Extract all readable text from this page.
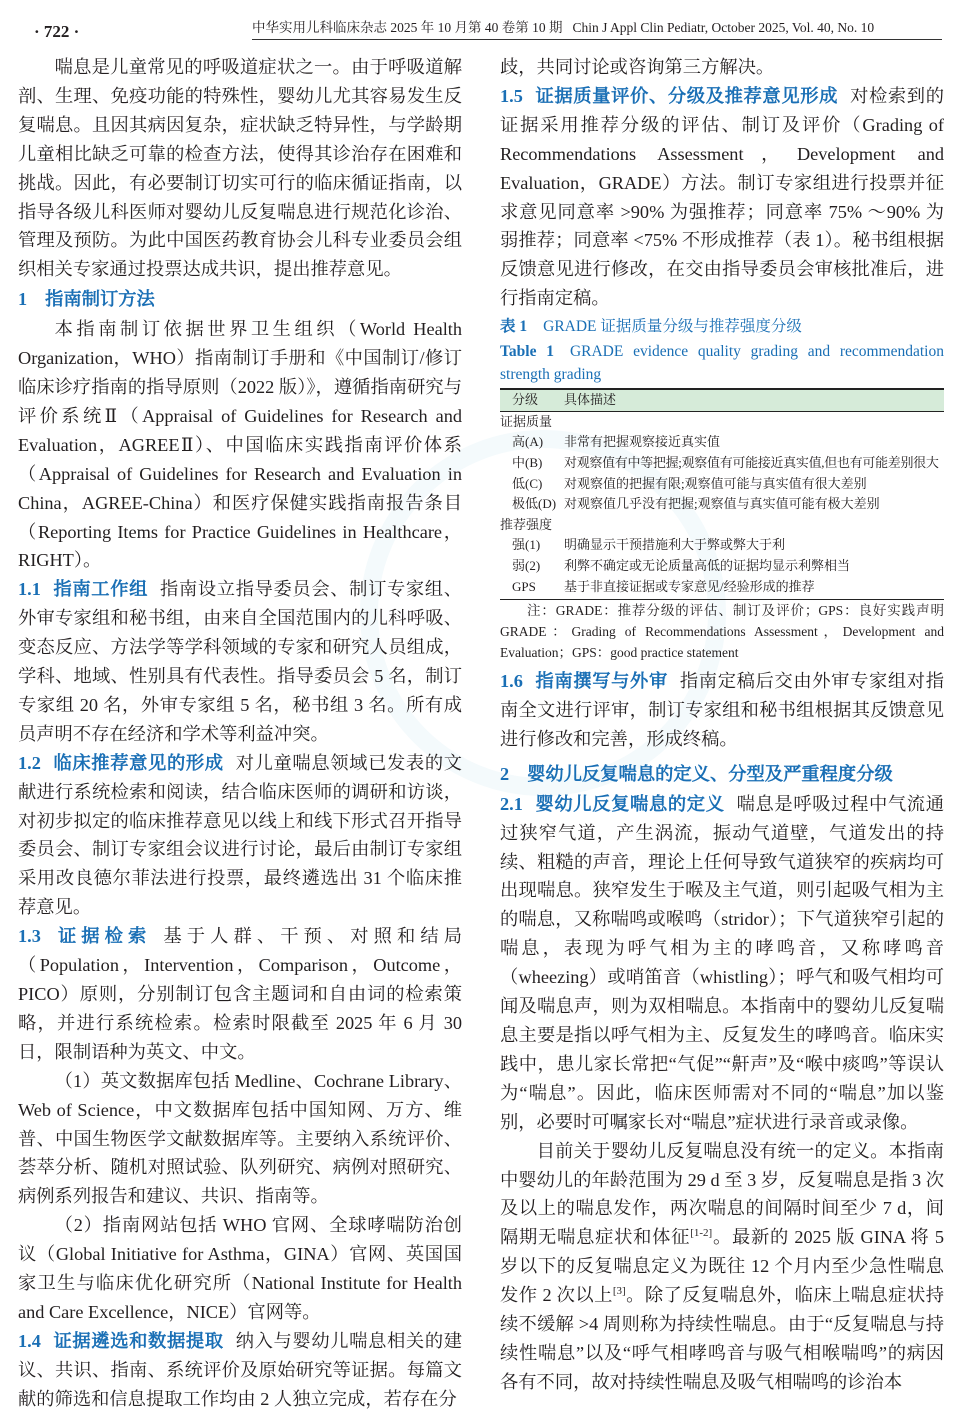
· 722 ·	中华实用儿科临床杂志 2025 年 10 月第 40 卷第 10 期 Chin J Appl Clin Pediatr, October 2025, Vol. 40, No. 10

喘息是儿童常见的呼吸道症状之一。由于呼吸道解剖、生理、免疫功能的特殊性，婴幼儿尤其容易发生反复喘息。且因其病因复杂，症状缺乏特异性，与学龄期儿童相比缺乏可靠的检查方法，使得其诊治存在困难和挑战。因此，有必要制订切实可行的临床循证指南，以指导各级儿科医师对婴幼儿反复喘息进行规范化诊治、管理及预防。为此中国医药教育协会儿科专业委员会组织相关专家通过投票达成共识，提出推荐意见。

1 指南制订方法

本指南制订依据世界卫生组织（World Health Organization，WHO）指南制订手册和《中国制订/修订临床诊疗指南的指导原则（2022 版）》，遵循指南研究与评价系统Ⅱ（Appraisal of Guidelines for Research and Evaluation，AGREEⅡ）、中国临床实践指南评价体系（Appraisal of Guidelines for Research and Evaluation in China，AGREE-China）和医疗保健实践指南报告条目（Reporting Items for Practice Guidelines in Healthcare，RIGHT）。

1.1 指南工作组 指南设立指导委员会、制订专家组、外审专家组和秘书组，由来自全国范围内的儿科呼吸、变态反应、方法学等学科领域的专家和研究人员组成，学科、地域、性别具有代表性。指导委员会 5 名，制订专家组 20 名，外审专家组 5 名，秘书组 3 名。所有成员声明不存在经济和学术等利益冲突。

1.2 临床推荐意见的形成 对儿童喘息领域已发表的文献进行系统检索和阅读，结合临床医师的调研和访谈，对初步拟定的临床推荐意见以线上和线下形式召开指导委员会、制订专家组会议进行讨论，最后由制订专家组采用改良德尔菲法进行投票，最终遴选出 31 个临床推荐意见。

1.3 证据检索 基于人群、干预、对照和结局（Population，Intervention，Comparison，Outcome，PICO）原则，分别制订包含主题词和自由词的检索策略，并进行系统检索。检索时限截至 2025 年 6 月 30 日，限制语种为英文、中文。

（1）英文数据库包括 Medline、Cochrane Library、Web of Science，中文数据库包括中国知网、万方、维普、中国生物医学文献数据库等。主要纳入系统评价、荟萃分析、随机对照试验、队列研究、病例对照研究、病例系列报告和建议、共识、指南等。

（2）指南网站包括 WHO 官网、全球哮喘防治创议（Global Initiative for Asthma，GINA）官网、英国国家卫生与临床优化研究所（National Institute for Health and Care Excellence，NICE）官网等。

1.4 证据遴选和数据提取 纳入与婴幼儿喘息相关的建议、共识、指南、系统评价及原始研究等证据。每篇文献的筛选和信息提取工作均由 2 人独立完成，若存在分

歧，共同讨论或咨询第三方解决。

1.5 证据质量评价、分级及推荐意见形成 对检索到的证据采用推荐分级的评估、制订及评价（Grading of Recommendations Assessment，Development and Evaluation，GRADE）方法。制订专家组进行投票并征求意见同意率 >90% 为强推荐；同意率 75% ～90% 为弱推荐；同意率 <75% 不形成推荐（表 1）。秘书组根据反馈意见进行修改，在交由指导委员会审核批准后，进行指南定稿。

表 1 GRADE 证据质量分级与推荐强度分级
Table 1 GRADE evidence quality grading and recommendation strength grading
分级	具体描述
证据质量	
高(A)	非常有把握观察接近真实值
中(B)	对观察值有中等把握;观察值有可能接近真实值,但也有可能差别很大
低(C)	对观察值的把握有限;观察值可能与真实值有很大差别
极低(D)	对观察值几乎没有把握;观察值与真实值可能有极大差别
推荐强度	
强(1)	明确显示干预措施利大于弊或弊大于利
弱(2)	利弊不确定或无论质量高低的证据均显示利弊相当
GPS	基于非直接证据或专家意见/经验形成的推荐

注：GRADE：推荐分级的评估、制订及评价；GPS：良好实践声明 GRADE：Grading of Recommendations Assessment，Development and Evaluation；GPS：good practice statement

1.6 指南撰写与外审 指南定稿后交由外审专家组对指南全文进行评审，制订专家组和秘书组根据其反馈意见进行修改和完善，形成终稿。

2 婴幼儿反复喘息的定义、分型及严重程度分级

2.1 婴幼儿反复喘息的定义 喘息是呼吸过程中气流通过狭窄气道，产生涡流，振动气道壁，气道发出的持续、粗糙的声音，理论上任何导致气道狭窄的疾病均可出现喘息。狭窄发生于喉及主气道，则引起吸气相为主的喘息，又称喘鸣或喉鸣（stridor）；下气道狭窄引起的喘息，表现为呼气相为主的哮鸣音，又称哮鸣音（wheezing）或哨笛音（whistling）；呼气和吸气相均可闻及喘息声，则为双相喘息。本指南中的婴幼儿反复喘息主要是指以呼气相为主、反复发生的哮鸣音。临床实践中，患儿家长常把“气促”“鼾声”及“喉中痰鸣”等误认为“喘息”。因此，临床医师需对不同的“喘息”加以鉴别，必要时可嘱家长对“喘息”症状进行录音或录像。

目前关于婴幼儿反复喘息没有统一的定义。本指南中婴幼儿的年龄范围为 29 d 至 3 岁，反复喘息是指 3 次及以上的喘息发作，两次喘息的间隔时间至少 7 d，间隔期无喘息症状和体征[1-2]。最新的 2025 版 GINA 将 5 岁以下的反复喘息定义为既往 12 个月内至少急性喘息发作 2 次以上[3]。除了反复喘息外，临床上喘息症状持续不缓解 >4 周则称为持续性喘息。由于“反复喘息与持续性喘息”以及“呼气相哮鸣音与吸气相喉喘鸣”的病因各有不同，故对持续性喘息及吸气相喘鸣的诊治本
